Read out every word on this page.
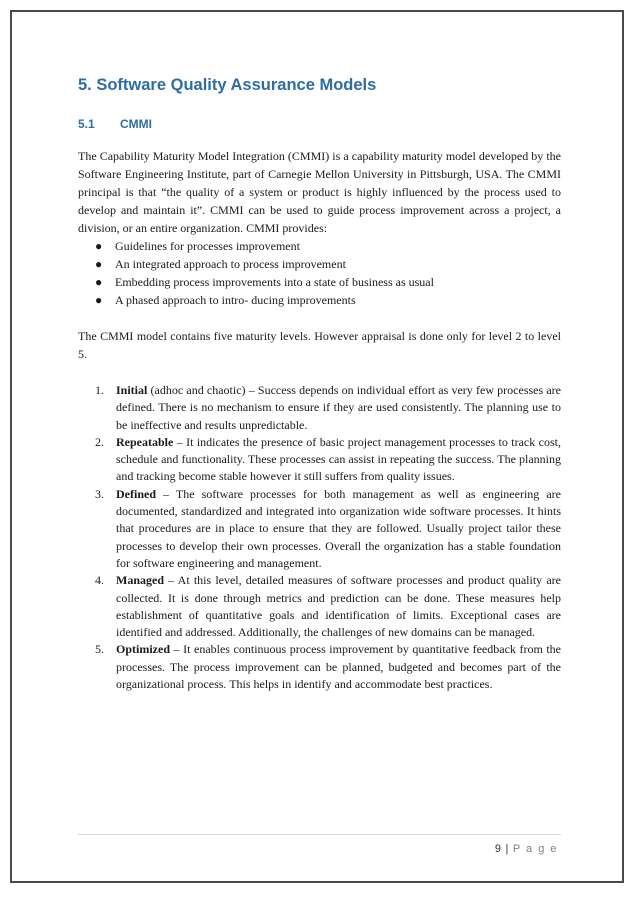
5. Software Quality Assurance Models
5.1	CMMI

The Capability Maturity Model Integration (CMMI) is a capability maturity model developed by the Software Engineering Institute, part of Carnegie Mellon University in Pittsburgh, USA. The CMMI principal is that “the quality of a system or product is highly influenced by the process used to develop and maintain it”. CMMI can be used to guide process improvement across a project, a division, or an entire organization. CMMI provides:

● Guidelines for processes improvement
● An integrated approach to process improvement
● Embedding process improvements into a state of business as usual
● A phased approach to intro- ducing improvements

The CMMI model contains five maturity levels. However appraisal is done only for level 2 to level 5.

1. Initial (adhoc and chaotic) – Success depends on individual effort as very few processes are defined. There is no mechanism to ensure if they are used consistently. The planning use to be ineffective and results unpredictable.
2. Repeatable – It indicates the presence of basic project management processes to track cost, schedule and functionality. These processes can assist in repeating the success. The planning and tracking become stable however it still suffers from quality issues.
3. Defined – The software processes for both management as well as engineering are documented, standardized and integrated into organization wide software processes. It hints that procedures are in place to ensure that they are followed. Usually project tailor these processes to develop their own processes. Overall the organization has a stable foundation for software engineering and management.
4. Managed – At this level, detailed measures of software processes and product quality are collected. It is done through metrics and prediction can be done. These measures help establishment of quantitative goals and identification of limits. Exceptional cases are identified and addressed. Additionally, the challenges of new domains can be managed.
5. Optimized – It enables continuous process improvement by quantitative feedback from the processes. The process improvement can be planned, budgeted and becomes part of the organizational process. This helps in identify and accommodate best practices.
9 | P a g e
